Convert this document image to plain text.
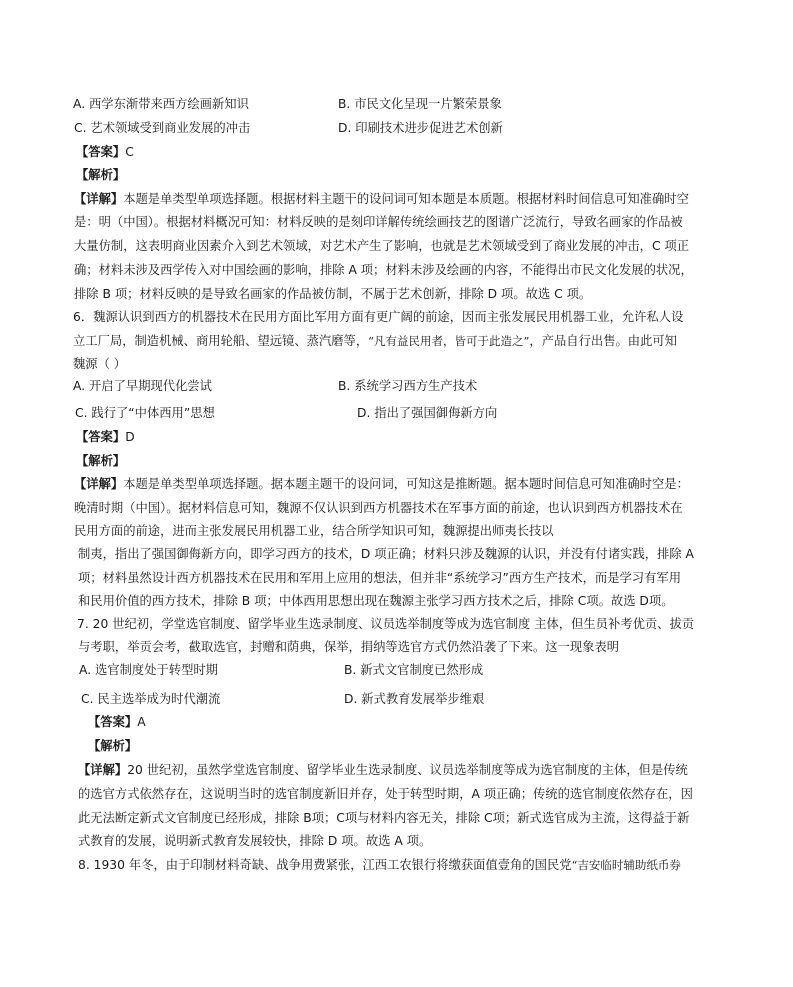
A. 西学东渐带来西方绘画新知识	B. 市民文化呈现一片繁荣景象
C. 艺术领域受到商业发展的冲击	D. 印刷技术进步促进艺术创新
【答案】C
【解析】
【详解】本题是单类型单项选择题。根据材料主题干的设问词可知本题是本质题。根据材料时间信息可知准确时空
是：明（中国）。根据材料概况可知：材料反映的是刻印详解传统绘画技艺的图谱广泛流行，导致名画家的作品被
大量仿制，这表明商业因素介入到艺术领域，对艺术产生了影响，也就是艺术领域受到了商业发展的冲击，C 项正
确；材料未涉及西学传入对中国绘画的影响，排除 A 项；材料未涉及绘画的内容，不能得出市民文化发展的状况，
排除 B 项；材料反映的是导致名画家的作品被仿制，不属于艺术创新，排除 D 项。故选 C 项。
6．魏源认识到西方的机器技术在民用方面比军用方面有更广阔的前途，因而主张发展民用机器工业，允许私人设
立工厂局，制造机械、商用轮船、望远镜、蒸汽磨等，“凡有益民用者，皆可于此造之”，产品自行出售。由此可知
魏源（ ）
A. 开启了早期现代化尝试	B. 系统学习西方生产技术
C. 践行了“中体西用”思想	D. 指出了强国御侮新方向
【答案】D
【解析】
【详解】本题是单类型单项选择题。据本题主题干的设问词，可知这是推断题。据本题时间信息可知准确时空是：
晚清时期（中国）。据材料信息可知，魏源不仅认识到西方机器技术在军事方面的前途，也认识到西方机器技术在
民用方面的前途，进而主张发展民用机器工业，结合所学知识可知，魏源提出师夷长技以
制夷，指出了强国御侮新方向，即学习西方的技术，D 项正确；材料只涉及魏源的认识，并没有付诸实践，排除 A
项；材料虽然设计西方机器技术在民用和军用上应用的想法，但并非“系统学习”西方生产技术，而是学习有军用
和民用价值的西方技术，排除 B 项；中体西用思想出现在魏源主张学习西方技术之后，排除 C项。故选 D项。
7. 20 世纪初，学堂选官制度、留学毕业生选录制度、议员选举制度等成为选官制度 主体，但生员补考优贡、拔贡
与考职，举贡会考，截取选官，封赠和荫典，保举，捐纳等选官方式仍然沿袭了下来。这一现象表明
A. 选官制度处于转型时期	B. 新式文官制度已然形成
C. 民主选举成为时代潮流	D. 新式教育发展举步维艰
【答案】A
【解析】
【详解】20 世纪初，虽然学堂选官制度、留学毕业生选录制度、议员选举制度等成为选官制度的主体，但是传统
的选官方式依然存在，这说明当时的选官制度新旧并存，处于转型时期，A 项正确；传统的选官制度依然存在，因
此无法断定新式文官制度已经形成，排除 B项；C项与材料内容无关，排除 C项；新式选官成为主流，这得益于新
式教育的发展，说明新式教育发展较快，排除 D 项。故选 A 项。
8. 1930 年冬，由于印制材料奇缺、战争用费紧张，江西工农银行将缴获面值壹角的国民党“吉安临时辅助纸币券
